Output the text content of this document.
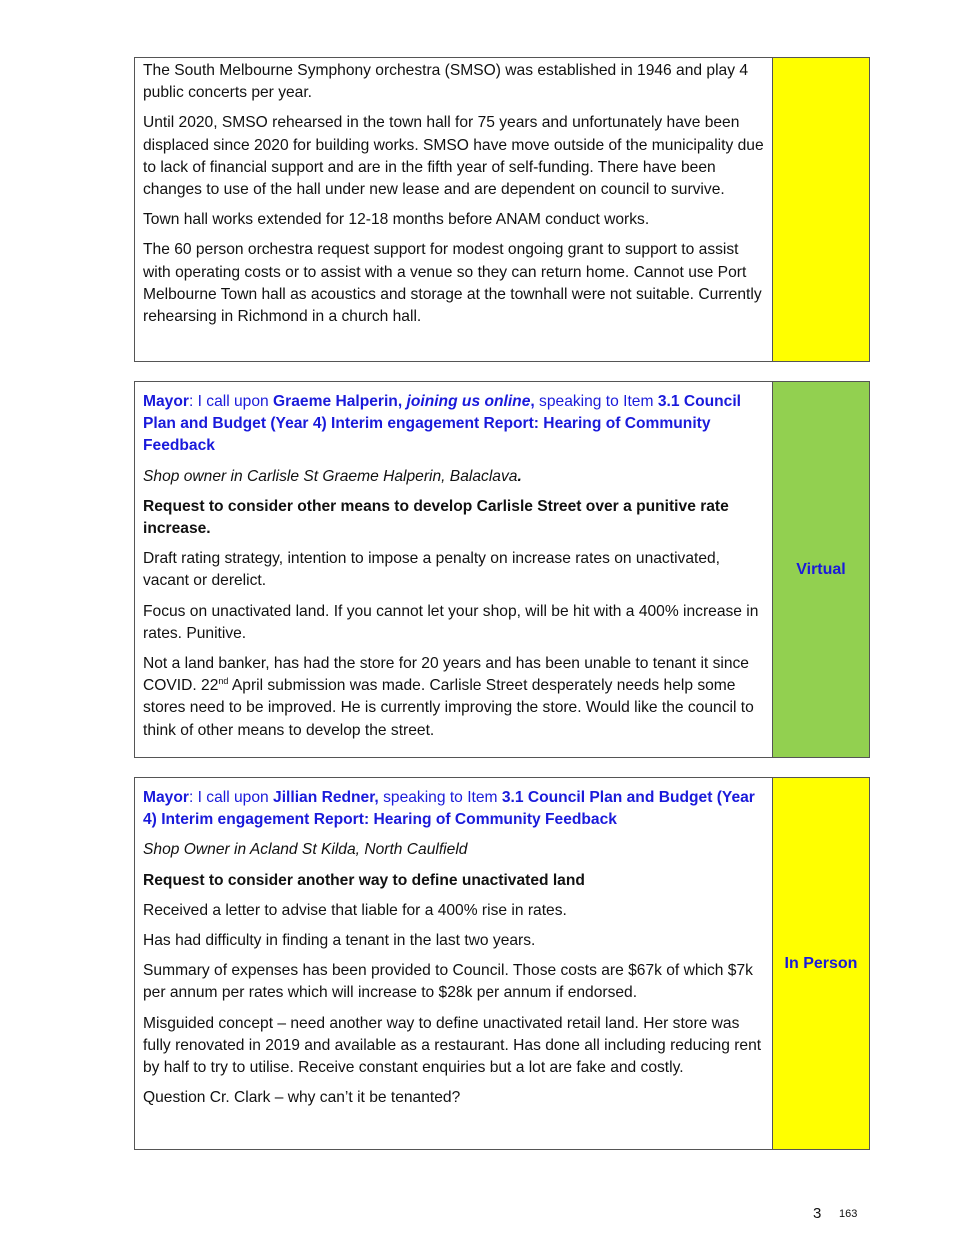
The South Melbourne Symphony orchestra (SMSO) was established in 1946 and play 4 public concerts per year.

Until 2020, SMSO rehearsed in the town hall for 75 years and unfortunately have been displaced since 2020 for building works. SMSO have move outside of the municipality due to lack of financial support and are in the fifth year of self-funding. There have been changes to use of the hall under new lease and are dependent on council to survive.

Town hall works extended for 12-18 months before ANAM conduct works.

The 60 person orchestra request support for modest ongoing grant to support to assist with operating costs or to assist with a venue so they can return home. Cannot use Port Melbourne Town hall as acoustics and storage at the townhall were not suitable. Currently rehearsing in Richmond in a church hall.

Mayor: I call upon Graeme Halperin, joining us online, speaking to Item 3.1 Council Plan and Budget (Year 4) Interim engagement Report: Hearing of Community Feedback

Shop owner in Carlisle St Graeme Halperin, Balaclava.

Request to consider other means to develop Carlisle Street over a punitive rate increase.

Draft rating strategy, intention to impose a penalty on increase rates on unactivated, vacant or derelict.

Focus on unactivated land. If you cannot let your shop, will be hit with a 400% increase in rates. Punitive.

Not a land banker, has had the store for 20 years and has been unable to tenant it since COVID. 22nd April submission was made. Carlisle Street desperately needs help some stores need to be improved. He is currently improving the store. Would like the council to think of other means to develop the street.

Virtual

Mayor: I call upon Jillian Redner, speaking to Item 3.1 Council Plan and Budget (Year 4) Interim engagement Report: Hearing of Community Feedback

Shop Owner in Acland St Kilda, North Caulfield

Request to consider another way to define unactivated land

Received a letter to advise that liable for a 400% rise in rates.

Has had difficulty in finding a tenant in the last two years.

Summary of expenses has been provided to Council. Those costs are $67k of which $7k per annum per rates which will increase to $28k per annum if endorsed.

Misguided concept – need another way to define unactivated retail land. Her store was fully renovated in 2019 and available as a restaurant. Has done all including reducing rent by half to try to utilise. Receive constant enquiries but a lot are fake and costly.

Question Cr. Clark – why can’t it be tenanted?

In Person
3 163
